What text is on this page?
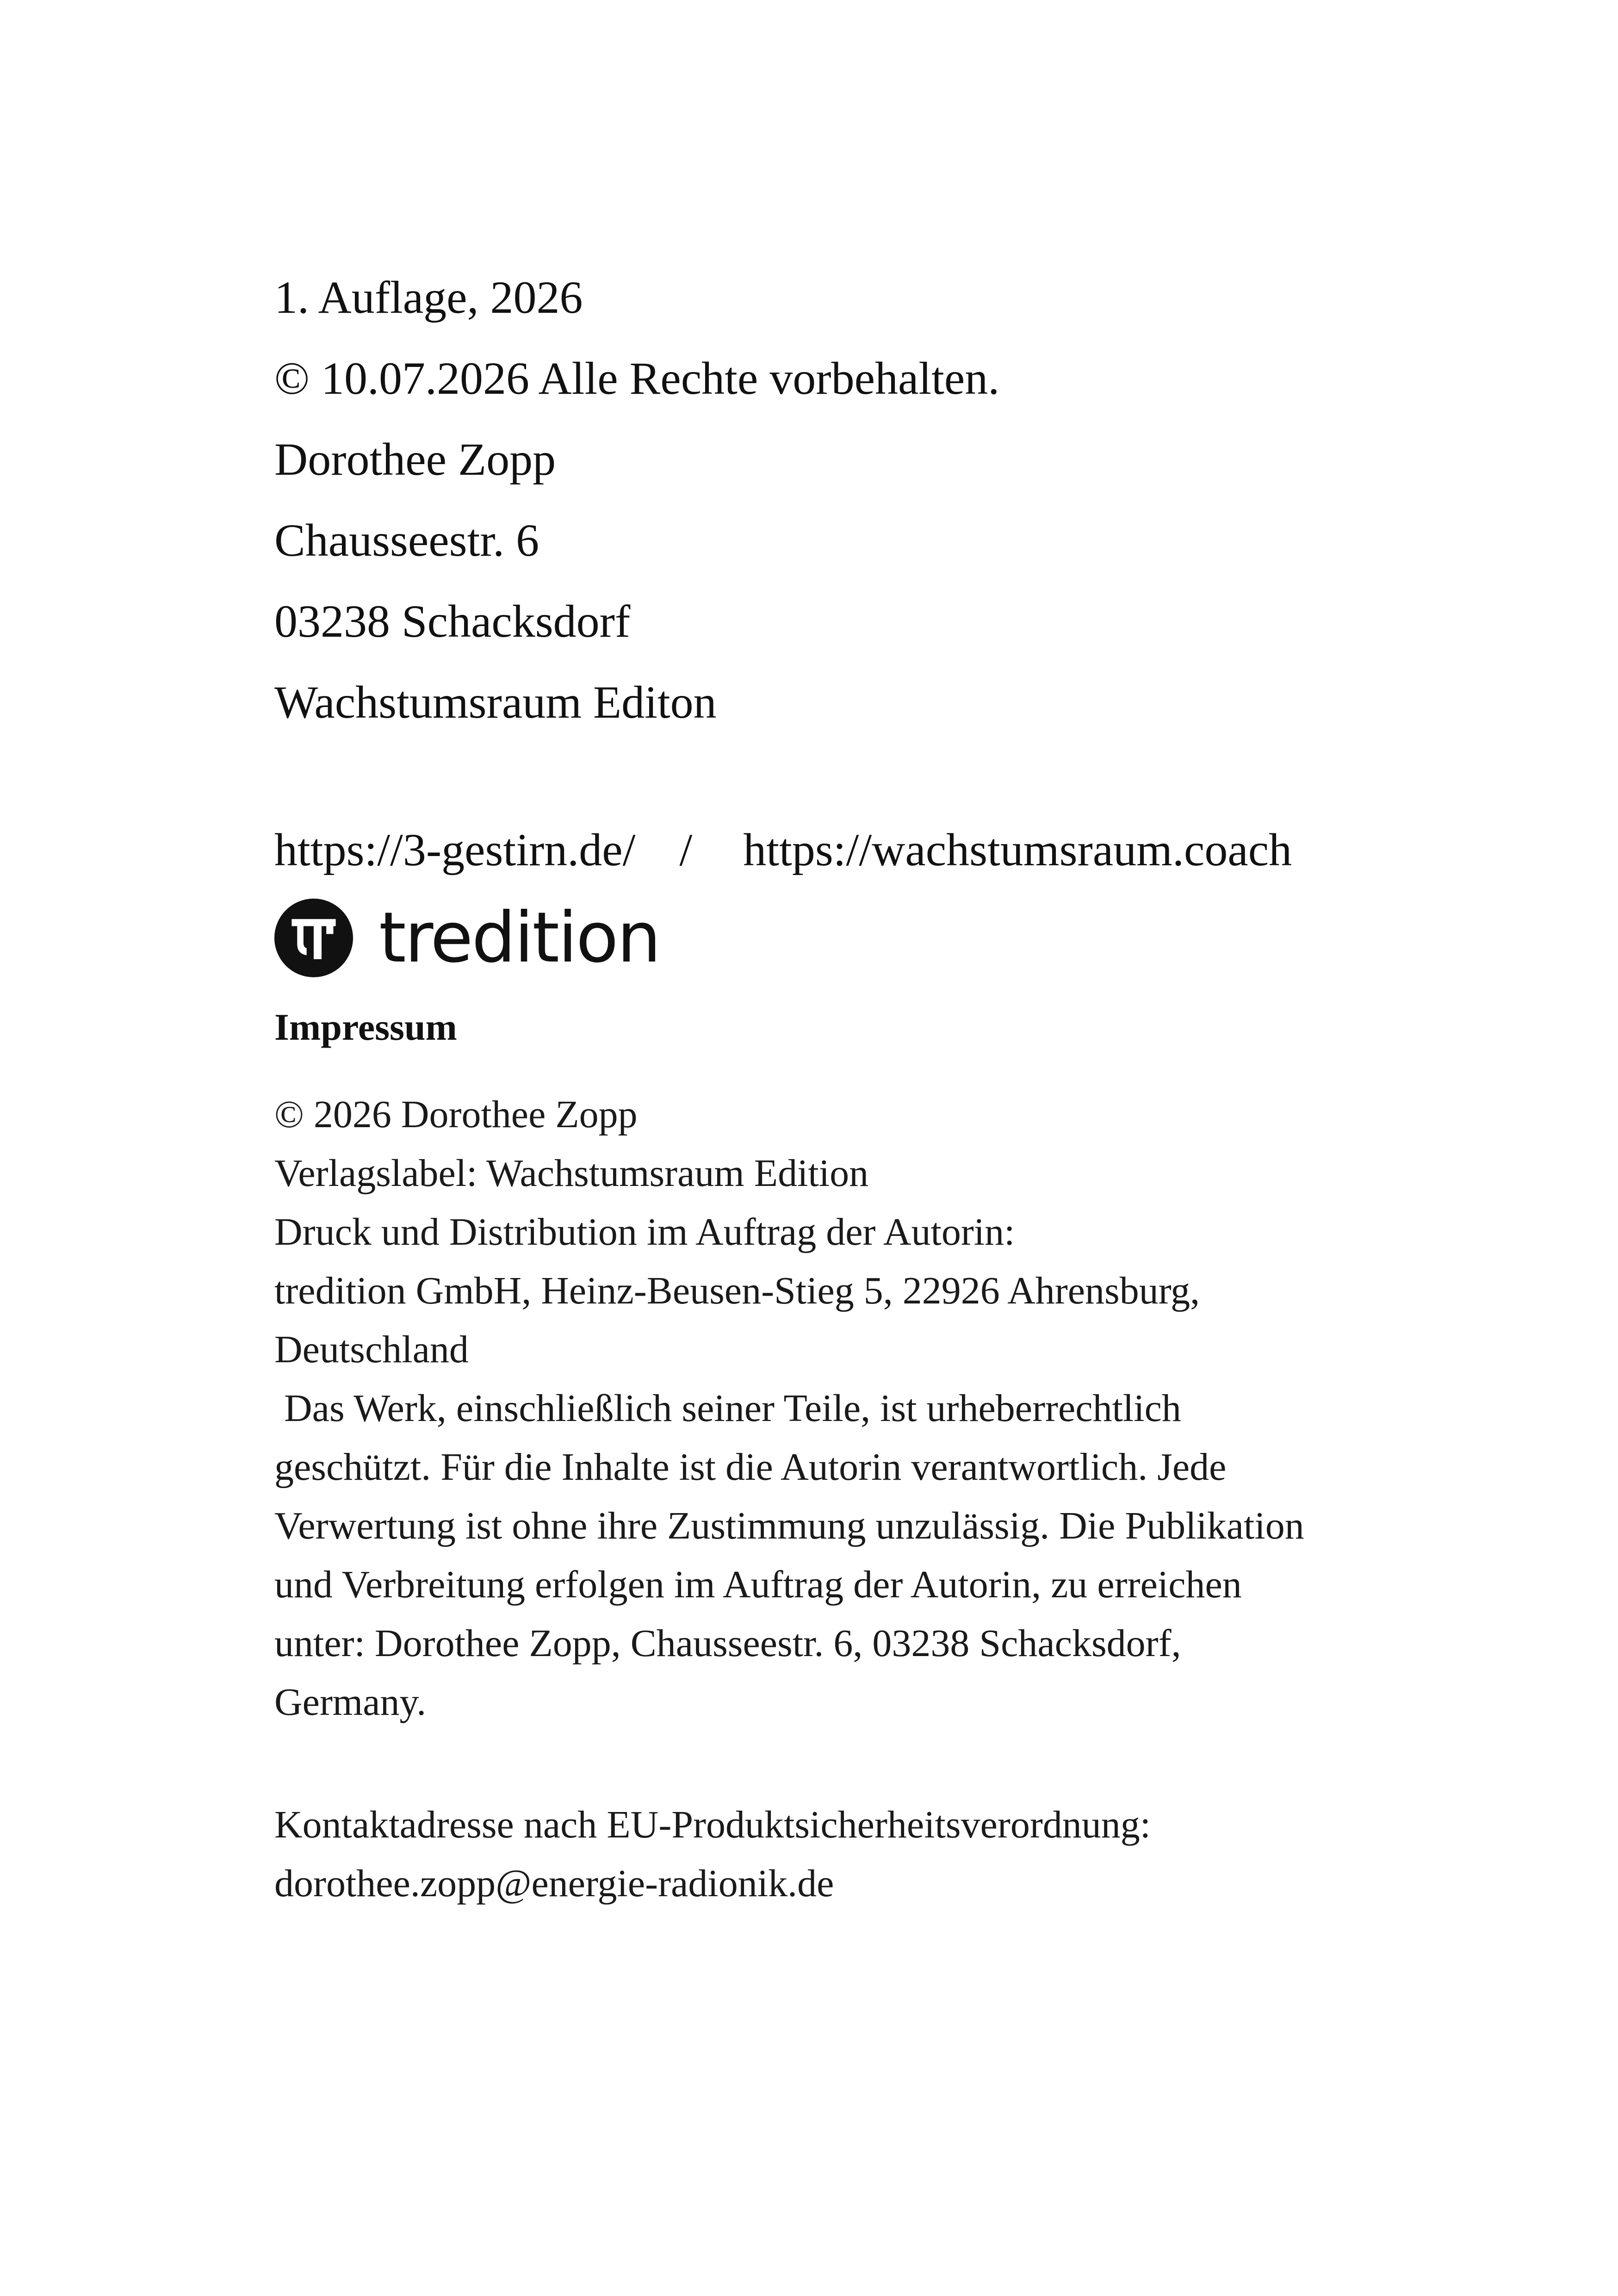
1. Auflage, 2026

© 10.07.2026 Alle Rechte vorbehalten.

Dorothee Zopp

Chausseestr. 6

03238 Schacksdorf

Wachstumsraum Editon

https://3-gestirn.de/ / https://wachstumsraum.coach
tredition
Impressum

© 2026 Dorothee Zopp

Verlagslabel: Wachstumsraum Edition

Druck und Distribution im Auftrag der Autorin:

tredition GmbH, Heinz-Beusen-Stieg 5, 22926 Ahrensburg,

Deutschland

Das Werk, einschließlich seiner Teile, ist urheberrechtlich

geschützt. Für die Inhalte ist die Autorin verantwortlich. Jede

Verwertung ist ohne ihre Zustimmung unzulässig. Die Publikation

und Verbreitung erfolgen im Auftrag der Autorin, zu erreichen

unter: Dorothee Zopp, Chausseestr. 6, 03238 Schacksdorf,

Germany.

Kontaktadresse nach EU-Produktsicherheitsverordnung:

dorothee.zopp@energie-radionik.de
